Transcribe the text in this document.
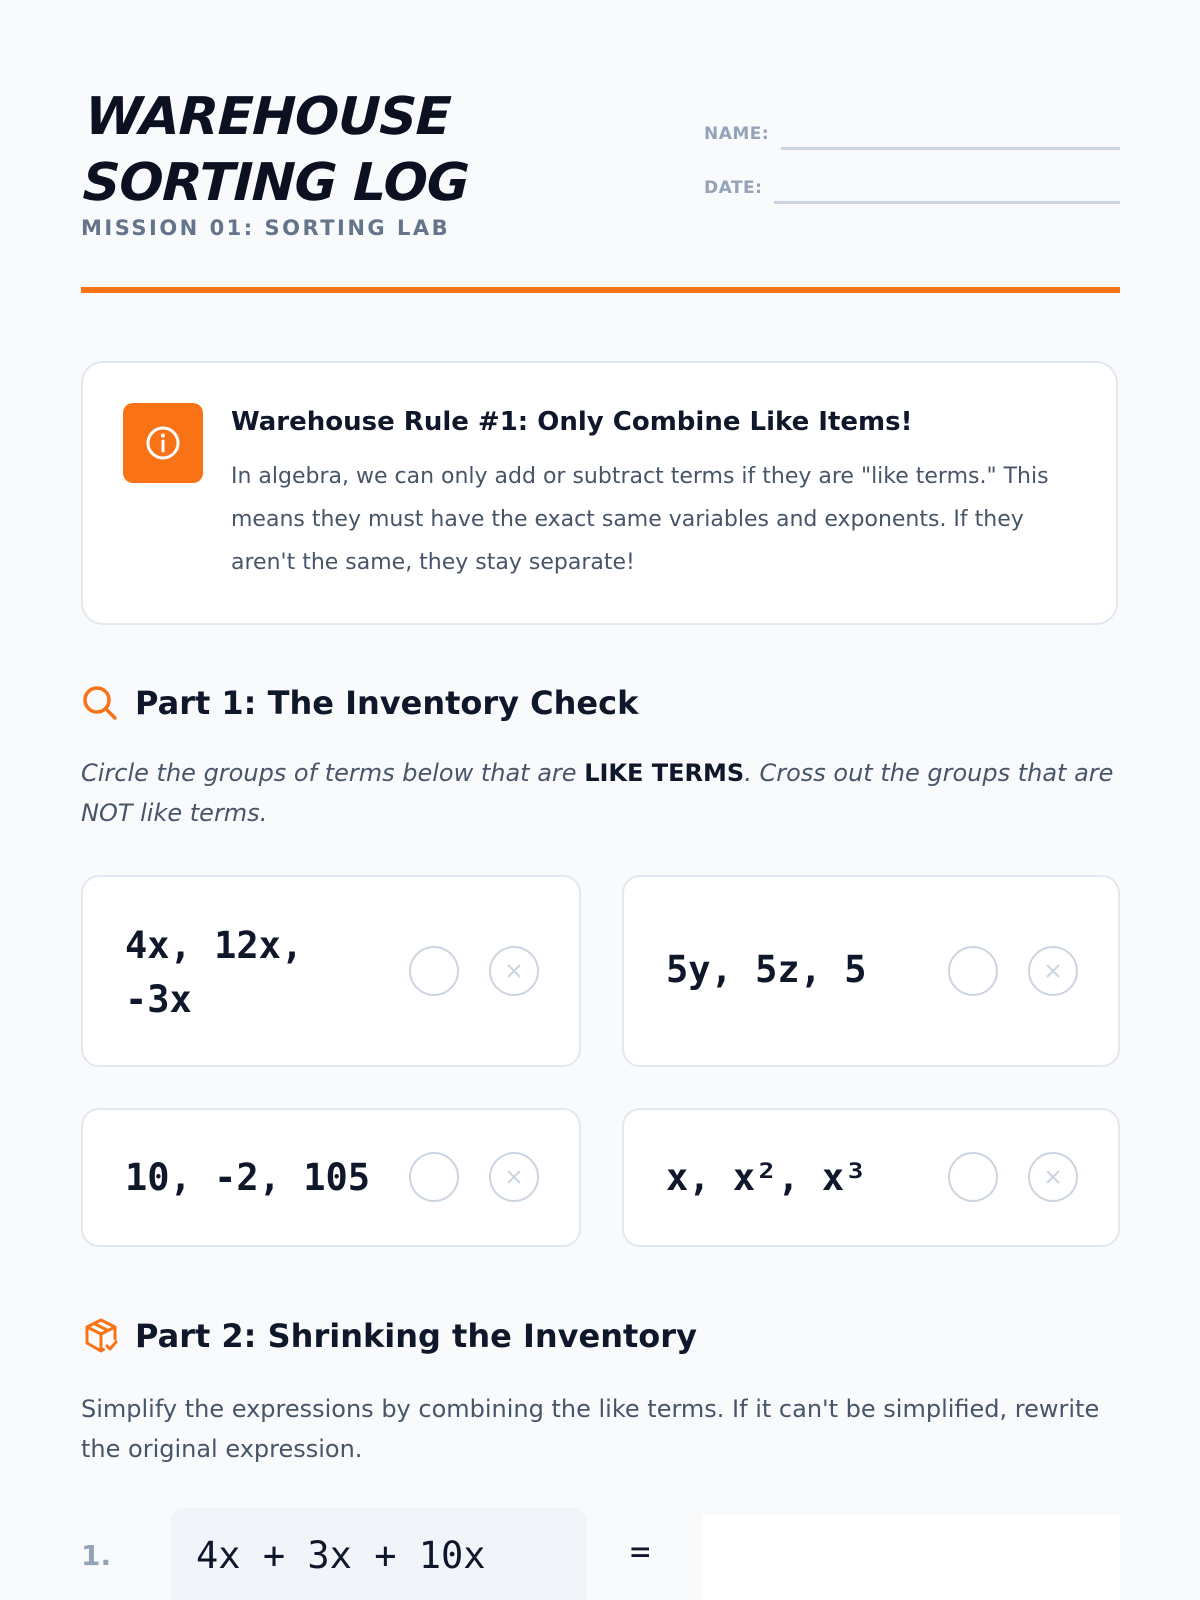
WAREHOUSE
SORTING LOG
MISSION 01: SORTING LAB
NAME:
DATE:
Warehouse Rule #1: Only Combine Like Items!

In algebra, we can only add or subtract terms if they are "like terms." This means they must have the exact same variables and exponents. If they aren't the same, they stay separate!

Part 1: The Inventory Check

Circle the groups of terms below that are LIKE TERMS. Cross out the groups that are NOT like terms.

4x, 12x, -3x
5y, 5z, 5
10, -2, 105	x, x², x³
Part 2: Shrinking the Inventory

Simplify the expressions by combining the like terms. If it can't be simplified, rewrite the original expression.

1. 4x + 3x + 10x	=
